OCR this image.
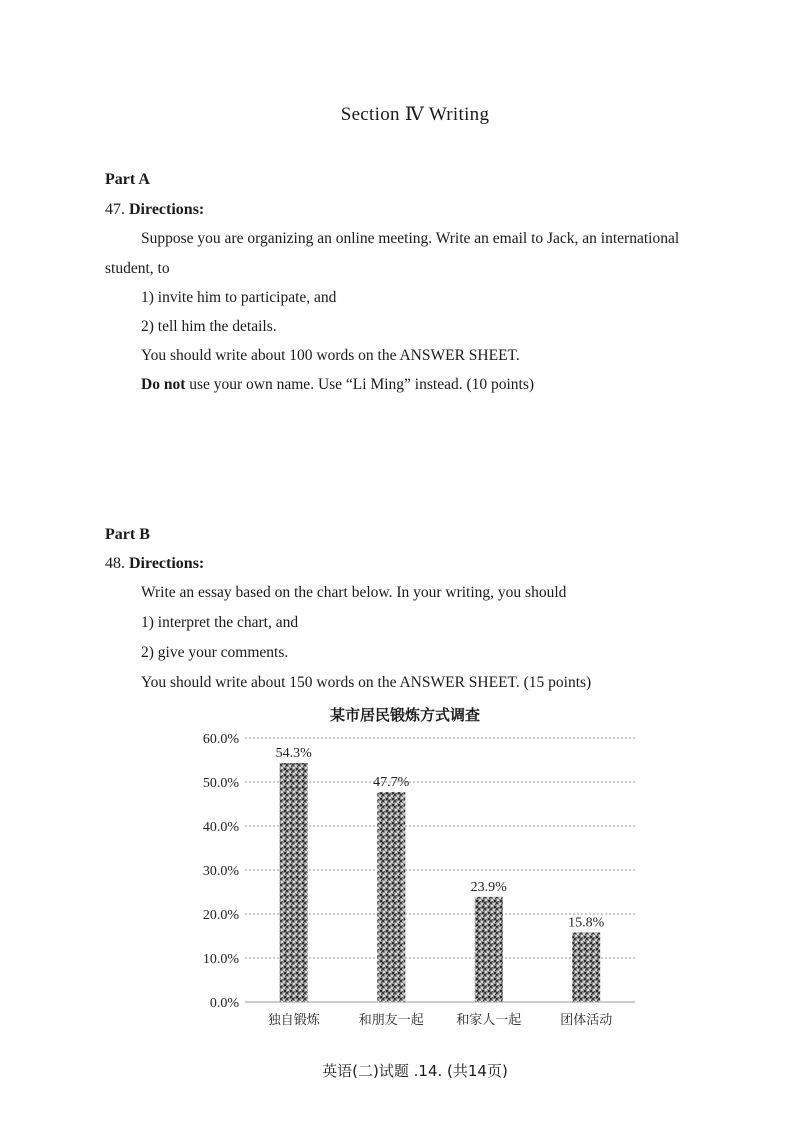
Section Ⅳ Writing
Part A
47. Directions:
Suppose you are organizing an online meeting. Write an email to Jack, an international
student, to
1) invite him to participate, and
2) tell him the details.
You should write about 100 words on the ANSWER SHEET.
Do not use your own name. Use “Li Ming” instead. (10 points)
Part B
48. Directions:
Write an essay based on the chart below. In your writing, you should
1) interpret the chart, and
2) give your comments.
You should write about 150 words on the ANSWER SHEET. (15 points)
某市居民锻炼方式调查
0.0%
10.0%
20.0%
30.0%
40.0%
50.0%
60.0%
54.3%
47.7%
23.9%
15.8%
独自锻炼	和朋友一起 和家人一起	团体活动
英语(二)试题 .14. (共14页)
